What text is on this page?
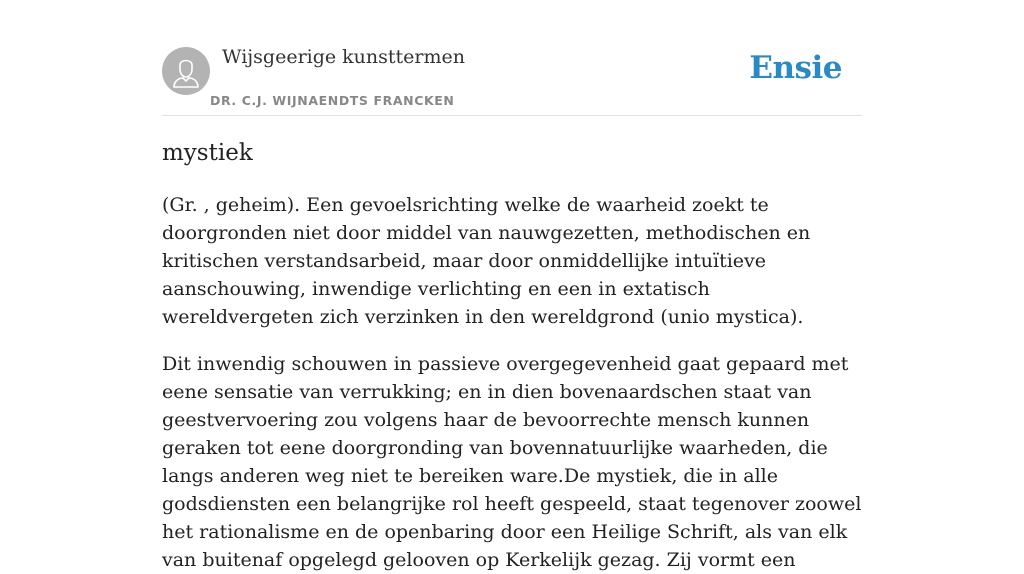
Wijsgeerige kunsttermen
DR. C.J. WIJNAENDTS FRANCKEN
Ensie
mystiek

(Gr. , geheim). Een gevoelsrichting welke de waarheid zoekt te doorgronden niet door middel van nauwgezetten, methodischen en kritischen verstandsarbeid, maar door onmiddellijke intuïtieve aanschouwing, inwendige verlichting en een in extatisch wereldvergeten zich verzinken in den wereldgrond (unio mystica).

Dit inwendig schouwen in passieve overgegevenheid gaat gepaard met eene sensatie van verrukking; en in dien bovenaardschen staat van geestvervoering zou volgens haar de bevoorrechte mensch kunnen geraken tot eene doorgronding van bovennatuurlijke waarheden, die langs anderen weg niet te bereiken ware.De mystiek, die in alle godsdiensten een belangrijke rol heeft gespeeld, staat tegenover zoowel het rationalisme en de openbaring door een Heilige Schrift, als van elk van buitenaf opgelegd gelooven op Kerkelijk gezag. Zij vormt een
